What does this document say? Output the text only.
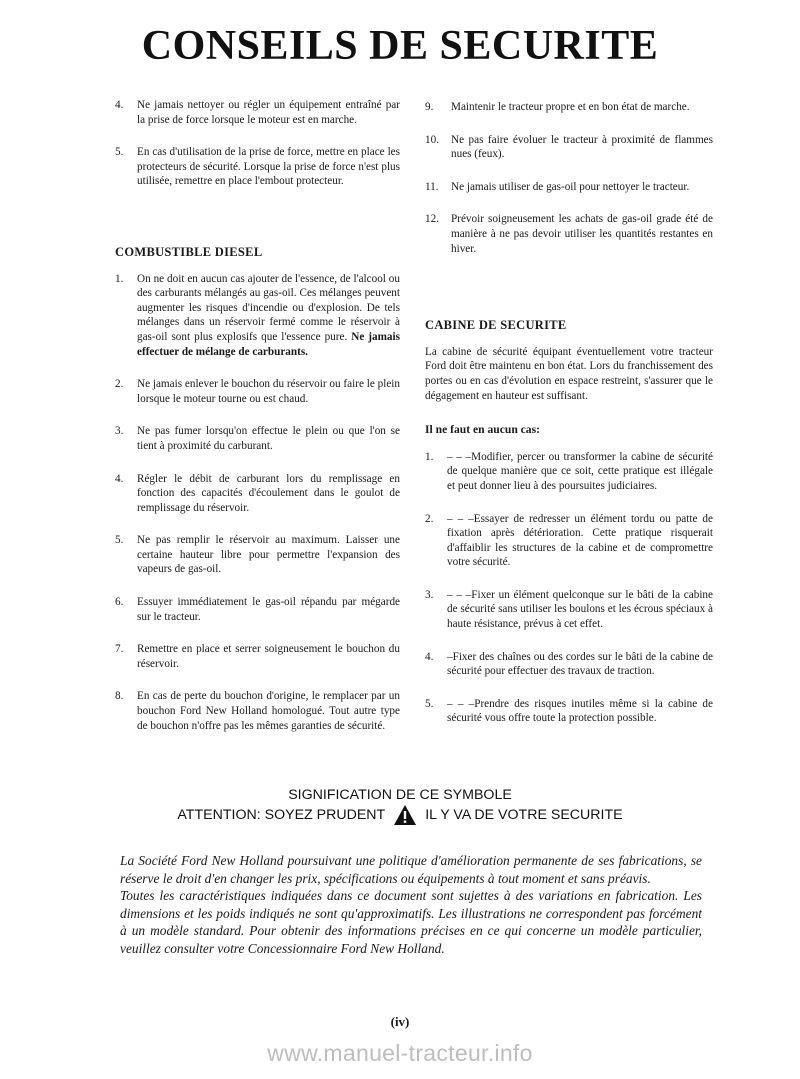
CONSEILS DE SECURITE
4.	Ne jamais nettoyer ou régler un équipement entraîné par la prise de force lorsque le moteur est en marche.
5.	En cas d'utilisation de la prise de force, mettre en place les protecteurs de sécurité. Lorsque la prise de force n'est plus utilisée, remettre en place l'embout protecteur.
COMBUSTIBLE DIESEL
1.	On ne doit en aucun cas ajouter de l'essence, de l'alcool ou des carburants mélangés au gas-oil. Ces mélanges peuvent augmenter les risques d'incendie ou d'explosion. De tels mélanges dans un réservoir fermé comme le réservoir à gas-oil sont plus explosifs que l'essence pure. Ne jamais effectuer de mélange de carburants.
2.	Ne jamais enlever le bouchon du réservoir ou faire le plein lorsque le moteur tourne ou est chaud.
3.	Ne pas fumer lorsqu'on effectue le plein ou que l'on se tient à proximité du carburant.
4.	Régler le débit de carburant lors du remplissage en fonction des capacités d'écoulement dans le goulot de remplissage du réservoir.
5.	Ne pas remplir le réservoir au maximum. Laisser une certaine hauteur libre pour permettre l'expansion des vapeurs de gas-oil.
6.	Essuyer immédiatement le gas-oil répandu par mégarde sur le tracteur.
7.	Remettre en place et serrer soigneusement le bouchon du réservoir.
8.	En cas de perte du bouchon d'origine, le remplacer par un bouchon Ford New Holland homologué. Tout autre type de bouchon n'offre pas les mêmes garanties de sécurité.
9.	Maintenir le tracteur propre et en bon état de marche.
10.	Ne pas faire évoluer le tracteur à proximité de flammes nues (feux).
11.	Ne jamais utiliser de gas-oil pour nettoyer le tracteur.
12.	Prévoir soigneusement les achats de gas-oil grade été de manière à ne pas devoir utiliser les quantités restantes en hiver.
CABINE DE SECURITE
La cabine de sécurité équipant éventuellement votre tracteur Ford doit être maintenu en bon état. Lors du franchissement des portes ou en cas d'évolution en espace restreint, s'assurer que le dégagement en hauteur est suffisant.
Il ne faut en aucun cas:
1.	– – –Modifier, percer ou transformer la cabine de sécurité de quelque manière que ce soit, cette pratique est illégale et peut donner lieu à des poursuites judiciaires.
2.	– – –Essayer de redresser un élément tordu ou patte de fixation après détérioration. Cette pratique risquerait d'affaiblir les structures de la cabine et de compromettre votre sécurité.
3.	– – –Fixer un élément quelconque sur le bâti de la cabine de sécurité sans utiliser les boulons et les écrous spéciaux à haute résistance, prévus à cet effet.
4.	–Fixer des chaînes ou des cordes sur le bâti de la cabine de sécurité pour effectuer des travaux de traction.
5.	– – –Prendre des risques inutiles même si la cabine de sécurité vous offre toute la protection possible.
SIGNIFICATION DE CE SYMBOLE
ATTENTION: SOYEZ PRUDENT	IL Y VA DE VOTRE SECURITE

La Société Ford New Holland poursuivant une politique d'amélioration permanente de ses fabrications, se réserve le droit d'en changer les prix, spécifications ou équipements à tout moment et sans préavis.

Toutes les caractéristiques indiquées dans ce document sont sujettes à des variations en fabrication. Les dimensions et les poids indiqués ne sont qu'approximatifs. Les illustrations ne correspondent pas forcément à un modèle standard. Pour obtenir des informations précises en ce qui concerne un modèle particulier, veuillez consulter votre Concessionnaire Ford New Holland.

(iv)
www.manuel-tracteur.info
